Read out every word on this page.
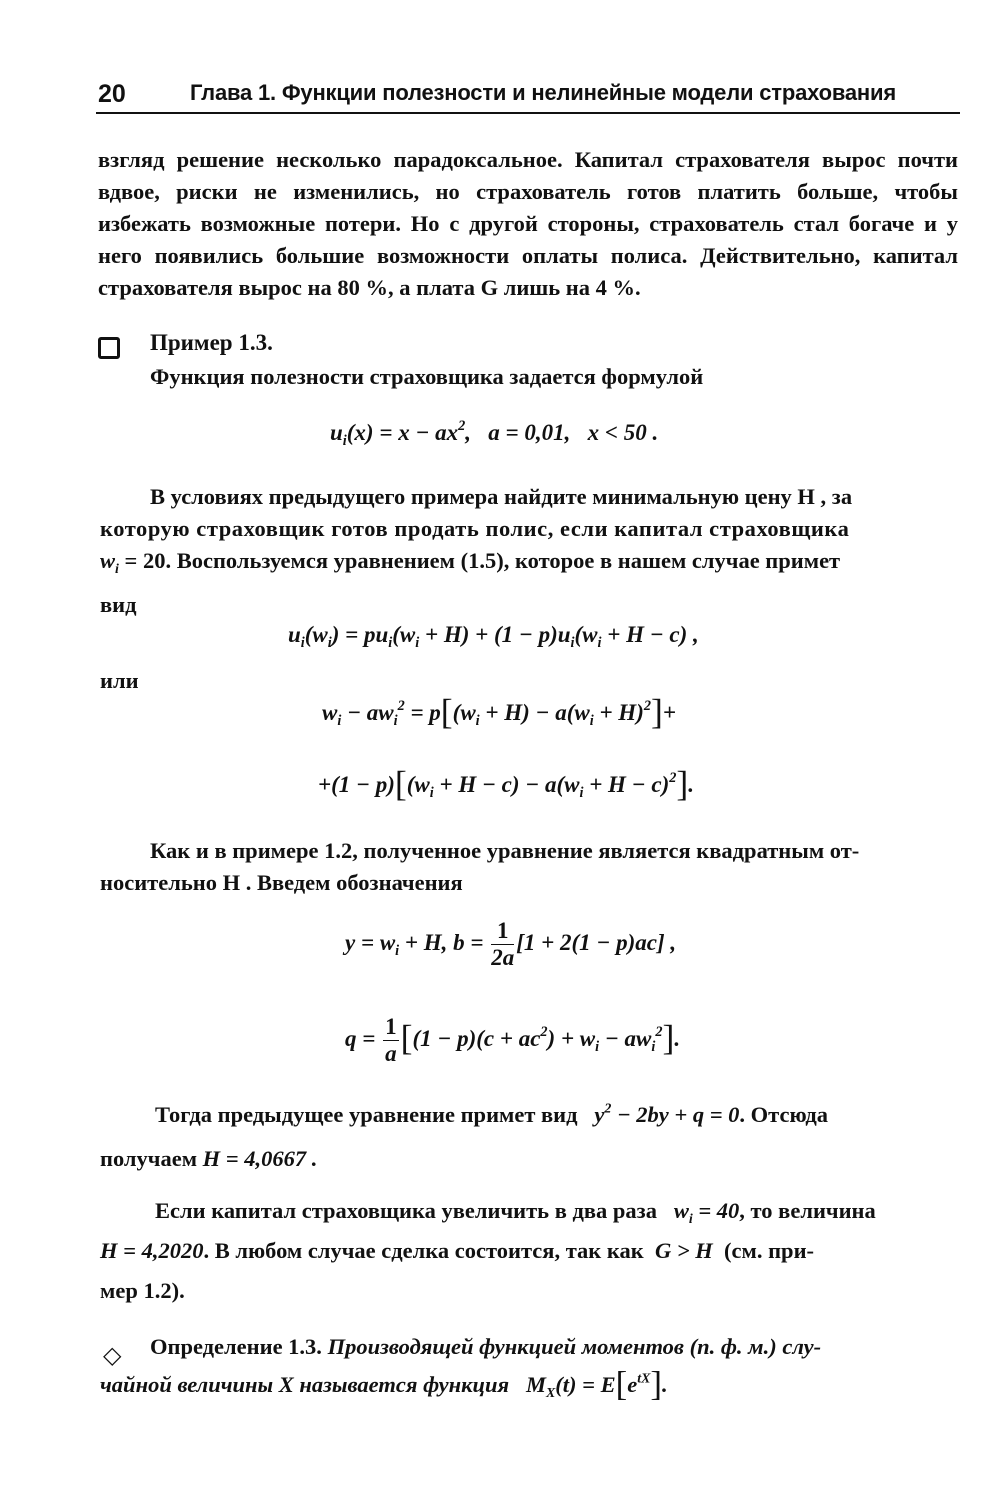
20	Глава 1. Функции полезности и нелинейные модели страхования
взгляд решение несколько парадоксальное. Капитал страхователя вырос почти вдвое, риски не изменились, но страхователь готов платить больше, чтобы избежать возможные потери. Но с другой стороны, страхователь стал богаче и у него появились большие возможности оплаты полиса. Действительно, капитал страхователя вырос на 80 %, а плата G лишь на 4 %.
Пример 1.3.
Функция полезности страховщика задается формулой
$u_i(x) = x - ax^2$,   a = 0,01,   x < 50 .
В условиях предыдущего примера найдите минимальную цену H , за
которую страховщик готов продать полис, если капитал страховщика
$w_i = 20$. Воспользуемся уравнением (1.5), которое в нашем случае примет
вид
$u_i(w_i) = pu_i(w_i + H) + (1 - p)u_i(w_i + H - c)$ ,
или
$w_i - aw_i^2 = p[(w_i + H) - a(w_i + H)^2]+$
$+(1 - p)[(w_i + H - c) - a(w_i + H - c)^2]$.
Как и в примере 1.2, полученное уравнение является квадратным от-
носительно H . Введем обозначения
$y = w_i + H$, $b = \frac{1}{2a} [1 + 2(1 - p)ac]$ ,
$q = \frac{1}{a} [(1 - p)(c + ac^2) + w_i - aw_i^2]$.
Тогда предыдущее уравнение примет вид   $y^2 - 2by + q = 0$. Отсюда
получаем H = 4,0667 .
Если капитал страховщика увеличить в два раза   $w_i = 40$, то величина
H = 4,2020. В любом случае сделка состоится, так как  G > H  (см. при-
мер 1.2).
◇ Определение 1.3. Производящей функцией моментов (п. ф. м.) слу-
чайной величины X называется функция $M_X(t) = E[e^{tX}]$.
